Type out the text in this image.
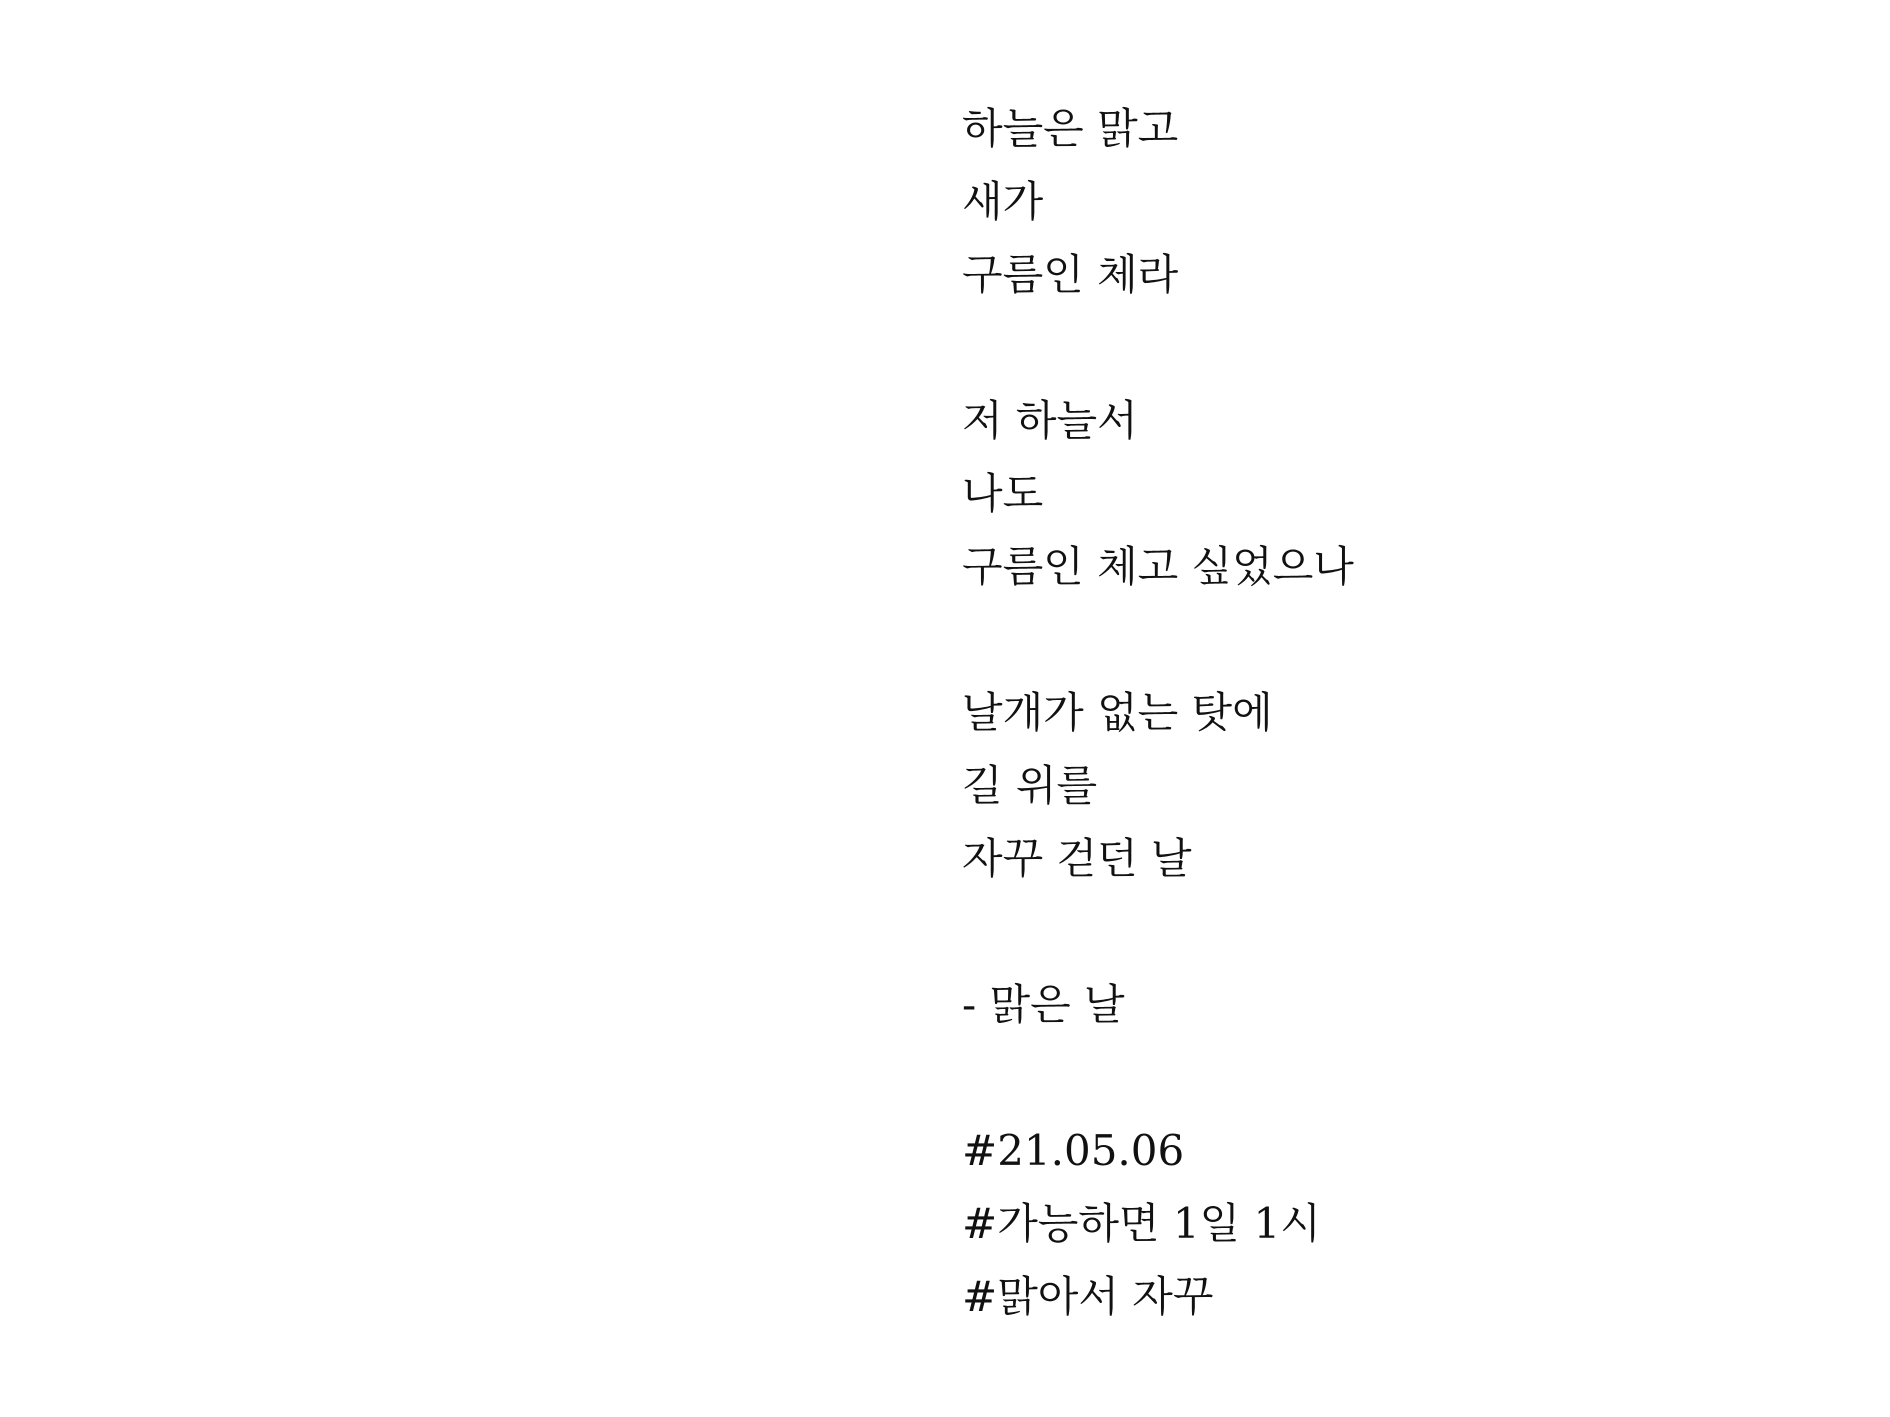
하늘은 맑고
새가
구름인 체라
저 하늘서
나도
구름인 체고 싶었으나
날개가 없는 탓에
길 위를
자꾸 걷던 날
- 맑은 날
#21.05.06
#가능하면 1일 1시
#맑아서 자꾸
